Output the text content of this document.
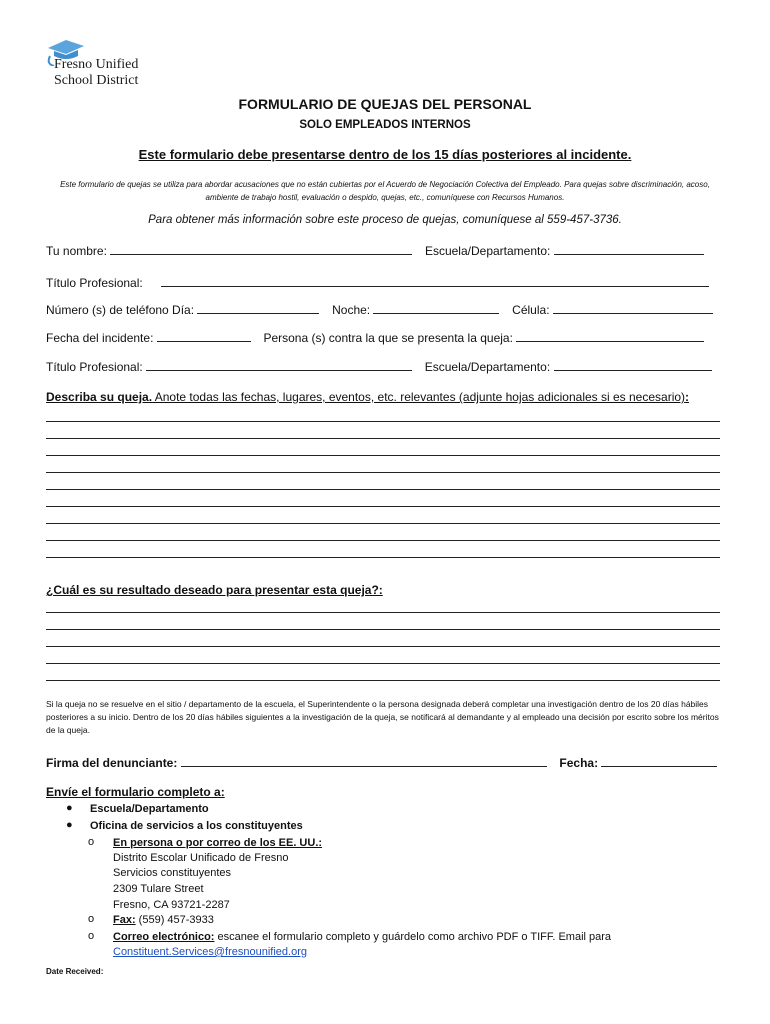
Fresno Unified
School District
FORMULARIO DE QUEJAS DEL PERSONAL
SOLO EMPLEADOS INTERNOS
Este formulario debe presentarse dentro de los 15 días posteriores al incidente.
Este formulario de quejas se utiliza para abordar acusaciones que no están cubiertas por el Acuerdo de Negociación Colectiva del Empleado. Para quejas sobre discriminación, acoso, ambiente de trabajo hostil, evaluación o despido, quejas, etc., comuníquese con Recursos Humanos.
Para obtener más información sobre este proceso de quejas, comuníquese al 559-457-3736.
Tu nombre:	Escuela/Departamento:
Título Profesional:
Número (s) de teléfono Día:	Noche:	Célula:
Fecha del incidente:	Persona (s) contra la que se presenta la queja:
Título Profesional:	Escuela/Departamento:
Describa su queja. Anote todas las fechas, lugares, eventos, etc. relevantes (adjunte hojas adicionales si es necesario):
¿Cuál es su resultado deseado para presentar esta queja?:
Si la queja no se resuelve en el sitio / departamento de la escuela, el Superintendente o la persona designada deberá completar una investigación dentro de los 20 días hábiles posteriores a su inicio. Dentro de los 20 días hábiles siguientes a la investigación de la queja, se notificará al demandante y al empleado una decisión por escrito sobre los méritos de la queja.
Firma del denunciante:	Fecha:
Envíe el formulario completo a:
● Escuela/Departamento
● Oficina de servicios a los constituyentes
o En persona o por correo de los EE. UU.:
Distrito Escolar Unificado de Fresno
Servicios constituyentes
2309 Tulare Street
Fresno, CA 93721-2287
o Fax: (559) 457-3933
o Correo electrónico: escanee el formulario completo y guárdelo como archivo PDF o TIFF. Email para
Constituent.Services@fresnounified.org
Date Received:
